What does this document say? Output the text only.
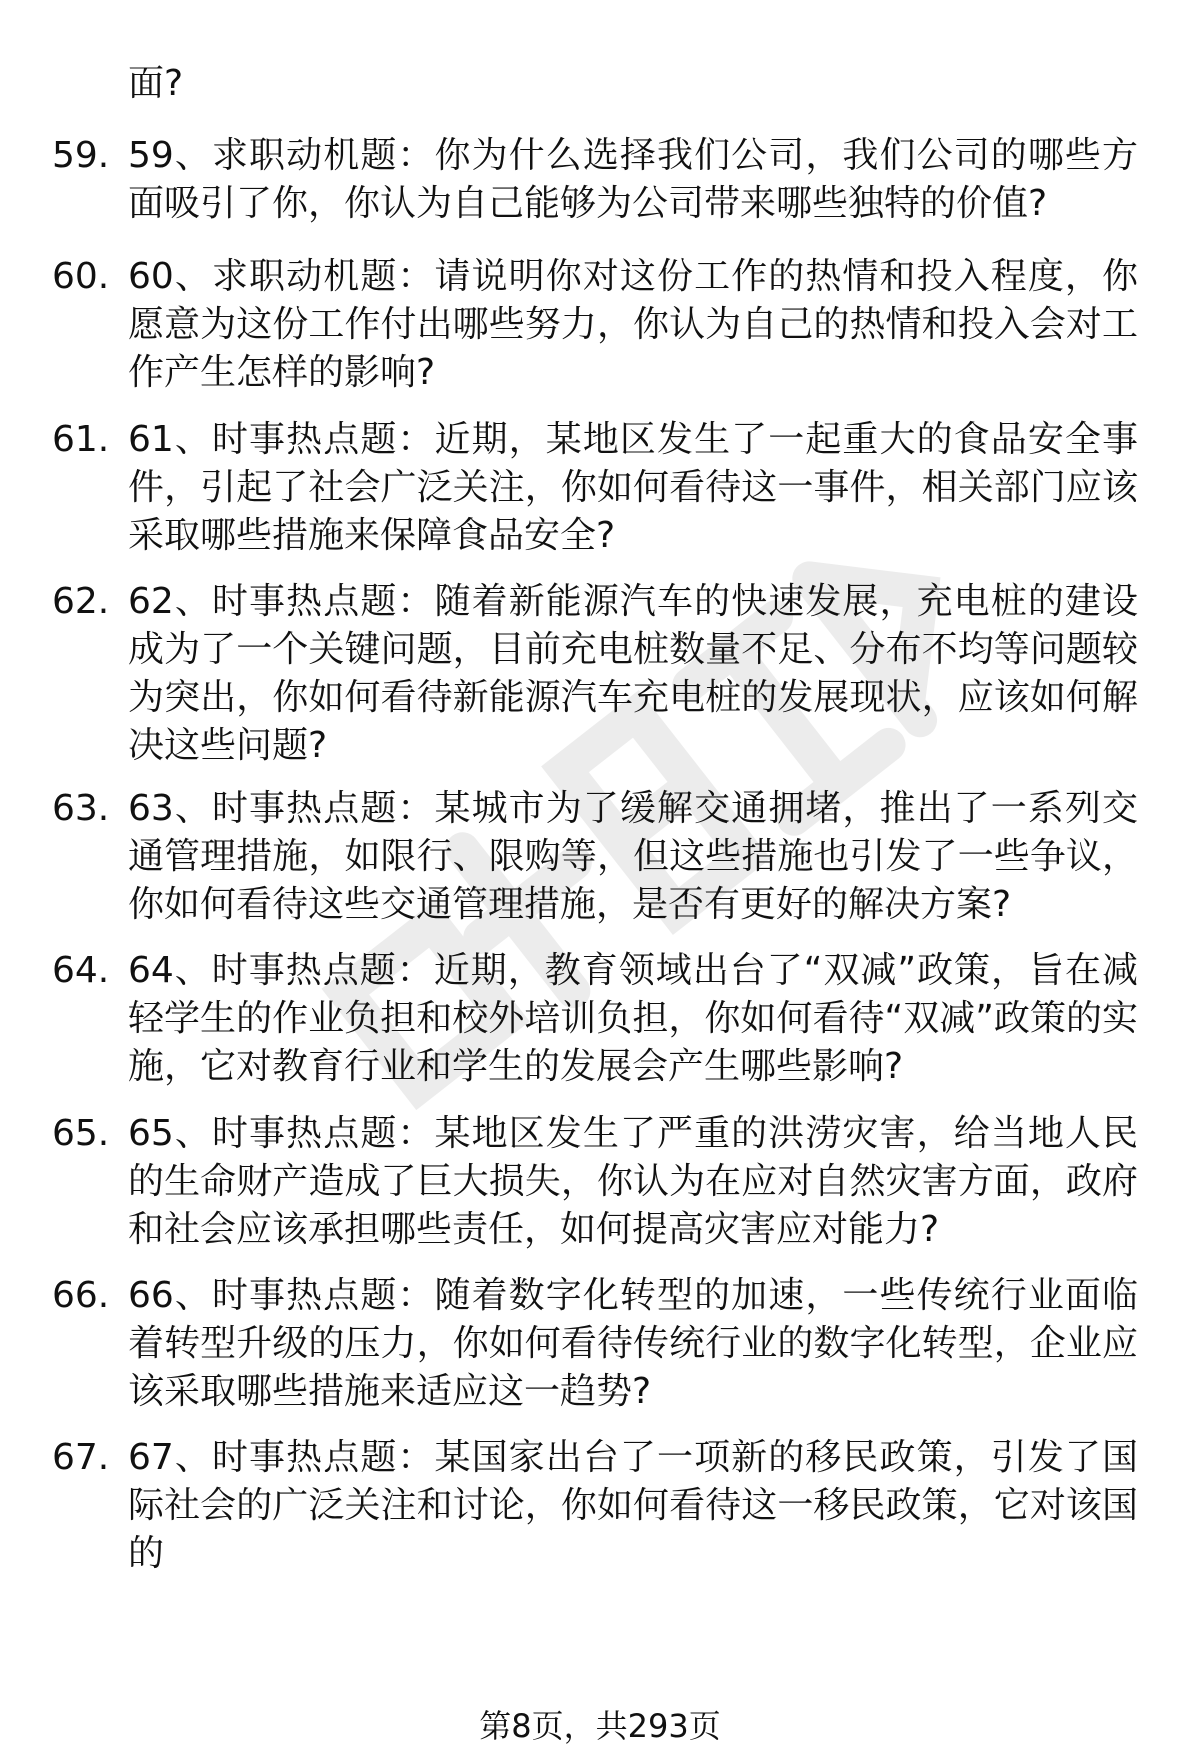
面?

59. 59、求职动机题：你为什么选择我们公司，我们公司的哪些方面吸引了你，你认为自己能够为公司带来哪些独特的价值?

60. 60、求职动机题：请说明你对这份工作的热情和投入程度，你愿意为这份工作付出哪些努力，你认为自己的热情和投入会对工作产生怎样的影响?

61. 61、时事热点题：近期，某地区发生了一起重大的食品安全事件，引起了社会广泛关注，你如何看待这一事件，相关部门应该采取哪些措施来保障食品安全?

62. 62、时事热点题：随着新能源汽车的快速发展，充电桩的建设成为了一个关键问题，目前充电桩数量不足、分布不均等问题较为突出，你如何看待新能源汽车充电桩的发展现状，应该如何解决这些问题?

63. 63、时事热点题：某城市为了缓解交通拥堵，推出了一系列交通管理措施，如限行、限购等，但这些措施也引发了一些争议，你如何看待这些交通管理措施，是否有更好的解决方案?

64. 64、时事热点题：近期，教育领域出台了“双减”政策，旨在减轻学生的作业负担和校外培训负担，你如何看待“双减”政策的实施，它对教育行业和学生的发展会产生哪些影响?

65. 65、时事热点题：某地区发生了严重的洪涝灾害，给当地人民的生命财产造成了巨大损失，你认为在应对自然灾害方面，政府和社会应该承担哪些责任，如何提高灾害应对能力?

66. 66、时事热点题：随着数字化转型的加速，一些传统行业面临着转型升级的压力，你如何看待传统行业的数字化转型，企业应该采取哪些措施来适应这一趋势?

67. 67、时事热点题：某国家出台了一项新的移民政策，引发了国际社会的广泛关注和讨论，你如何看待这一移民政策，它对该国的

第8页，共293页
